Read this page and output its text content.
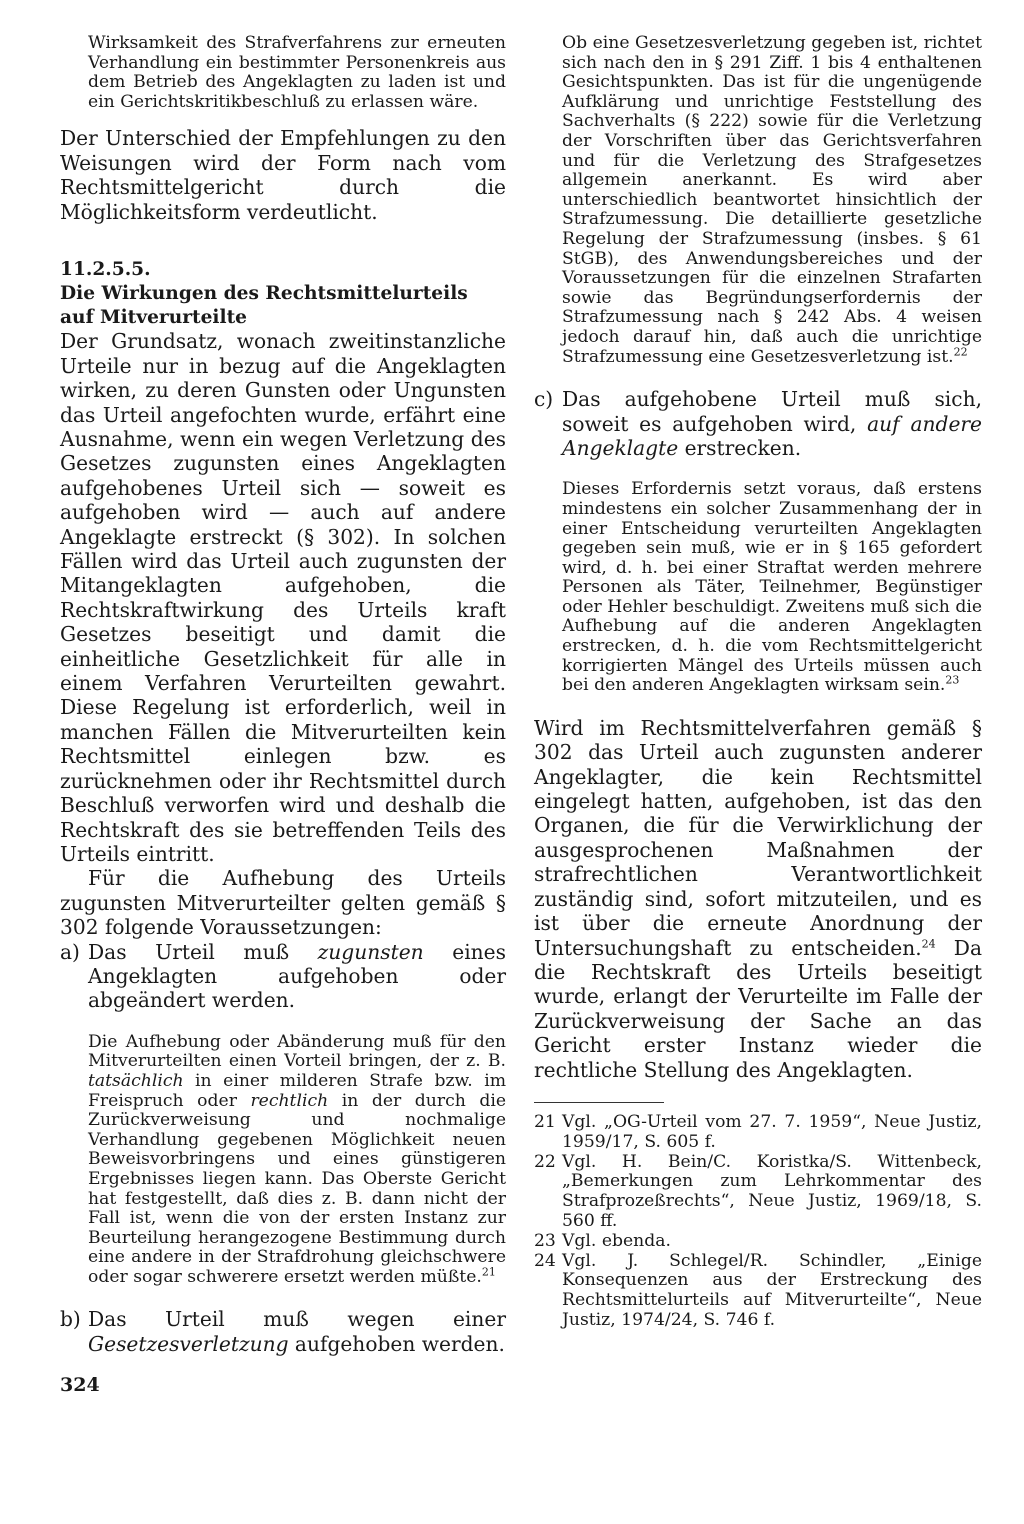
Wirksamkeit des Strafverfahrens zur erneuten Verhandlung ein bestimmter Personenkreis aus dem Betrieb des Angeklagten zu laden ist und ein Gerichtskritikbeschluß zu erlassen wäre.

Der Unterschied der Empfehlungen zu den Weisungen wird der Form nach vom Rechtsmittelgericht durch die Möglichkeitsform verdeutlicht.

11.2.5.5.

Die Wirkungen des Rechtsmittelurteils auf Mitverurteilte

Der Grundsatz, wonach zweitinstanzliche Urteile nur in bezug auf die Angeklagten wirken, zu deren Gunsten oder Ungunsten das Urteil angefochten wurde, erfährt eine Ausnahme, wenn ein wegen Verletzung des Gesetzes zugunsten eines Angeklagten aufgehobenes Urteil sich — soweit es aufgehoben wird — auch auf andere Angeklagte erstreckt (§ 302). In solchen Fällen wird das Urteil auch zugunsten der Mitangeklagten aufgehoben, die Rechtskraftwirkung des Urteils kraft Gesetzes beseitigt und damit die einheitliche Gesetzlichkeit für alle in einem Verfahren Verurteilten gewahrt. Diese Regelung ist erforderlich, weil in manchen Fällen die Mitverurteilten kein Rechtsmittel einlegen bzw. es zurücknehmen oder ihr Rechtsmittel durch Beschluß verworfen wird und deshalb die Rechtskraft des sie betreffenden Teils des Urteils eintritt.

Für die Aufhebung des Urteils zugunsten Mitverurteilter gelten gemäß § 302 folgende Voraussetzungen:

a) Das Urteil muß zugunsten eines Angeklagten aufgehoben oder abgeändert werden.

Die Aufhebung oder Abänderung muß für den Mitverurteilten einen Vorteil bringen, der z. B. tatsächlich in einer milderen Strafe bzw. im Freispruch oder rechtlich in der durch die Zurückverweisung und nochmalige Verhandlung gegebenen Möglichkeit neuen Beweisvorbringens und eines günstigeren Ergebnisses liegen kann. Das Oberste Gericht hat festgestellt, daß dies z. B. dann nicht der Fall ist, wenn die von der ersten Instanz zur Beurteilung herangezogene Bestimmung durch eine andere in der Strafdrohung gleichschwere oder sogar schwerere ersetzt werden müßte.$^{21}$

b) Das Urteil muß wegen einer Gesetzesverletzung aufgehoben werden.

Ob eine Gesetzesverletzung gegeben ist, richtet sich nach den in § 291 Ziff. 1 bis 4 enthaltenen Gesichtspunkten. Das ist für die ungenügende Aufklärung und unrichtige Feststellung des Sachverhalts (§ 222) sowie für die Verletzung der Vorschriften über das Gerichtsverfahren und für die Verletzung des Strafgesetzes allgemein anerkannt. Es wird aber unterschiedlich beantwortet hinsichtlich der Strafzumessung. Die detaillierte gesetzliche Regelung der Strafzumessung (insbes. § 61 StGB), des Anwendungsbereiches und der Voraussetzungen für die einzelnen Strafarten sowie das Begründungserfordernis der Strafzumessung nach § 242 Abs. 4 weisen jedoch darauf hin, daß auch die unrichtige Strafzumessung eine Gesetzesverletzung ist.$^{22}$

c) Das aufgehobene Urteil muß sich, soweit es aufgehoben wird, auf andere Angeklagte erstrecken.

Dieses Erfordernis setzt voraus, daß erstens mindestens ein solcher Zusammenhang der in einer Entscheidung verurteilten Angeklagten gegeben sein muß, wie er in § 165 gefordert wird, d. h. bei einer Straftat werden mehrere Personen als Täter, Teilnehmer, Begünstiger oder Hehler beschuldigt. Zweitens muß sich die Aufhebung auf die anderen Angeklagten erstrecken, d. h. die vom Rechtsmittelgericht korrigierten Mängel des Urteils müssen auch bei den anderen Angeklagten wirksam sein.$^{23}$

Wird im Rechtsmittelverfahren gemäß § 302 das Urteil auch zugunsten anderer Angeklagter, die kein Rechtsmittel eingelegt hatten, aufgehoben, ist das den Organen, die für die Verwirklichung der ausgesprochenen Maßnahmen der strafrechtlichen Verantwortlichkeit zuständig sind, sofort mitzuteilen, und es ist über die erneute Anordnung der Untersuchungshaft zu entscheiden.$^{24}$ Da die Rechtskraft des Urteils beseitigt wurde, erlangt der Verurteilte im Falle der Zurückverweisung der Sache an das Gericht erster Instanz wieder die rechtliche Stellung des Angeklagten.

21 Vgl. „OG-Urteil vom 27. 7. 1959“, Neue Justiz, 1959/17, S. 605 f.
22 Vgl. H. Bein/C. Koristka/S. Wittenbeck, „Bemerkungen zum Lehrkommentar des Strafprozeßrechts“, Neue Justiz, 1969/18, S. 560 ff.
23 Vgl. ebenda.
24 Vgl. J. Schlegel/R. Schindler, „Einige Konsequenzen aus der Erstreckung des Rechtsmittelurteils auf Mitverurteilte“, Neue Justiz, 1974/24, S. 746 f.
324
